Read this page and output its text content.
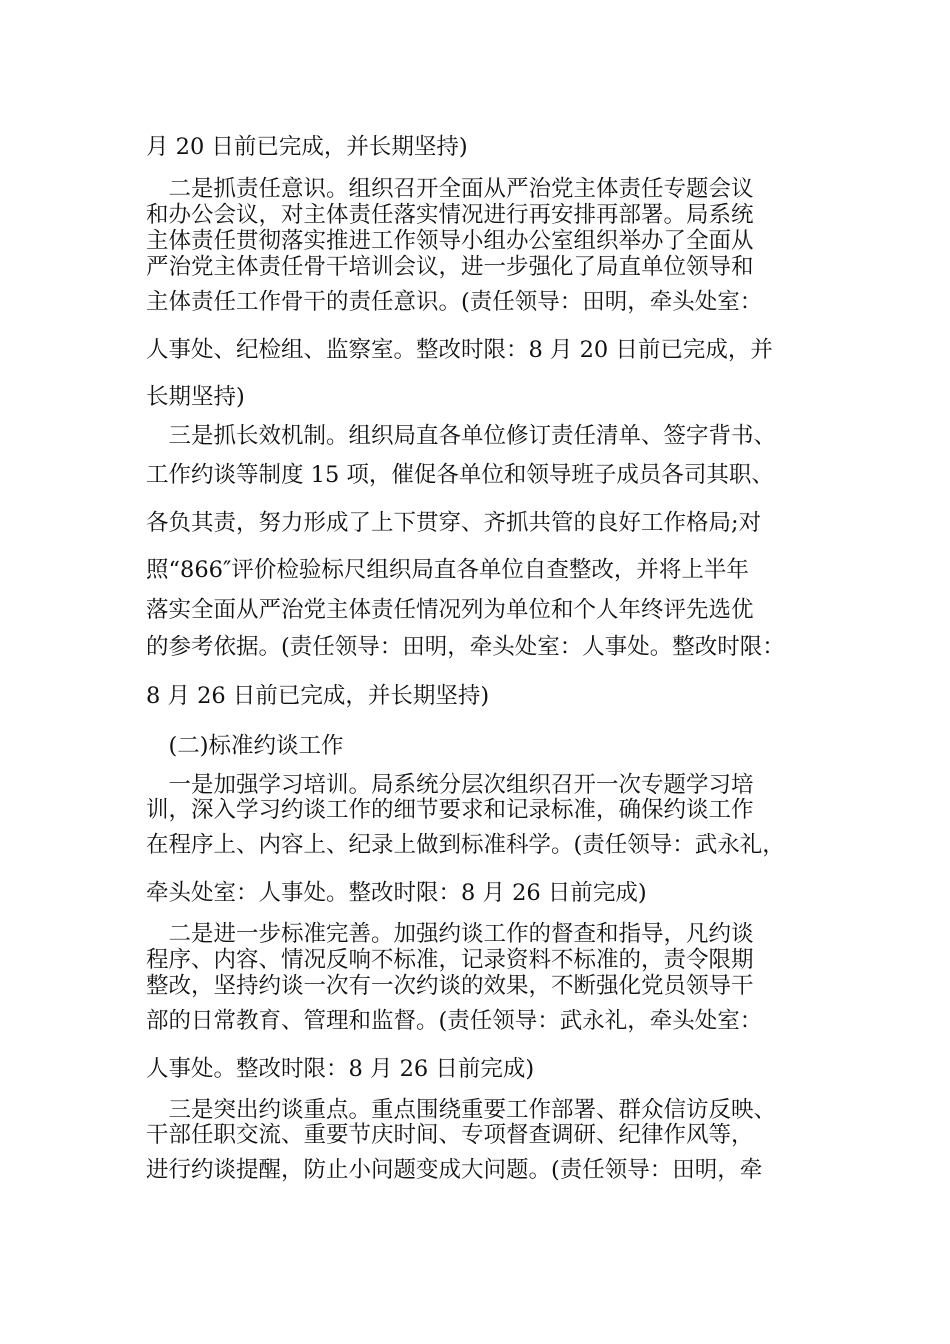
月 20 日前已完成，并长期坚持)
　二是抓责任意识。组织召开全面从严治党主体责任专题会议
和办公会议，对主体责任落实情况进行再安排再部署。局系统
主体责任贯彻落实推进工作领导小组办公室组织举办了全面从
严治党主体责任骨干培训会议，进一步强化了局直单位领导和
主体责任工作骨干的责任意识。(责任领导：田明，牵头处室：
人事处、纪检组、监察室。整改时限：8 月 20 日前已完成，并
长期坚持)
　三是抓长效机制。组织局直各单位修订责任清单、签字背书、
工作约谈等制度 15 项，催促各单位和领导班子成员各司其职、
各负其责，努力形成了上下贯穿、齐抓共管的良好工作格局;对
照“866″评价检验标尺组织局直各单位自查整改，并将上半年
落实全面从严治党主体责任情况列为单位和个人年终评先选优
的参考依据。(责任领导：田明，牵头处室：人事处。整改时限：
8 月 26 日前已完成，并长期坚持)
　(二)标准约谈工作
　一是加强学习培训。局系统分层次组织召开一次专题学习培
训，深入学习约谈工作的细节要求和记录标准，确保约谈工作
在程序上、内容上、纪录上做到标准科学。(责任领导：武永礼，
牵头处室：人事处。整改时限：8 月 26 日前完成)
　二是进一步标准完善。加强约谈工作的督查和指导，凡约谈
程序、内容、情况反响不标准，记录资料不标准的，责令限期
整改，坚持约谈一次有一次约谈的效果，不断强化党员领导干
部的日常教育、管理和监督。(责任领导：武永礼，牵头处室：
人事处。整改时限：8 月 26 日前完成)
　三是突出约谈重点。重点围绕重要工作部署、群众信访反映、
干部任职交流、重要节庆时间、专项督查调研、纪律作风等，
进行约谈提醒，防止小问题变成大问题。(责任领导：田明，牵
